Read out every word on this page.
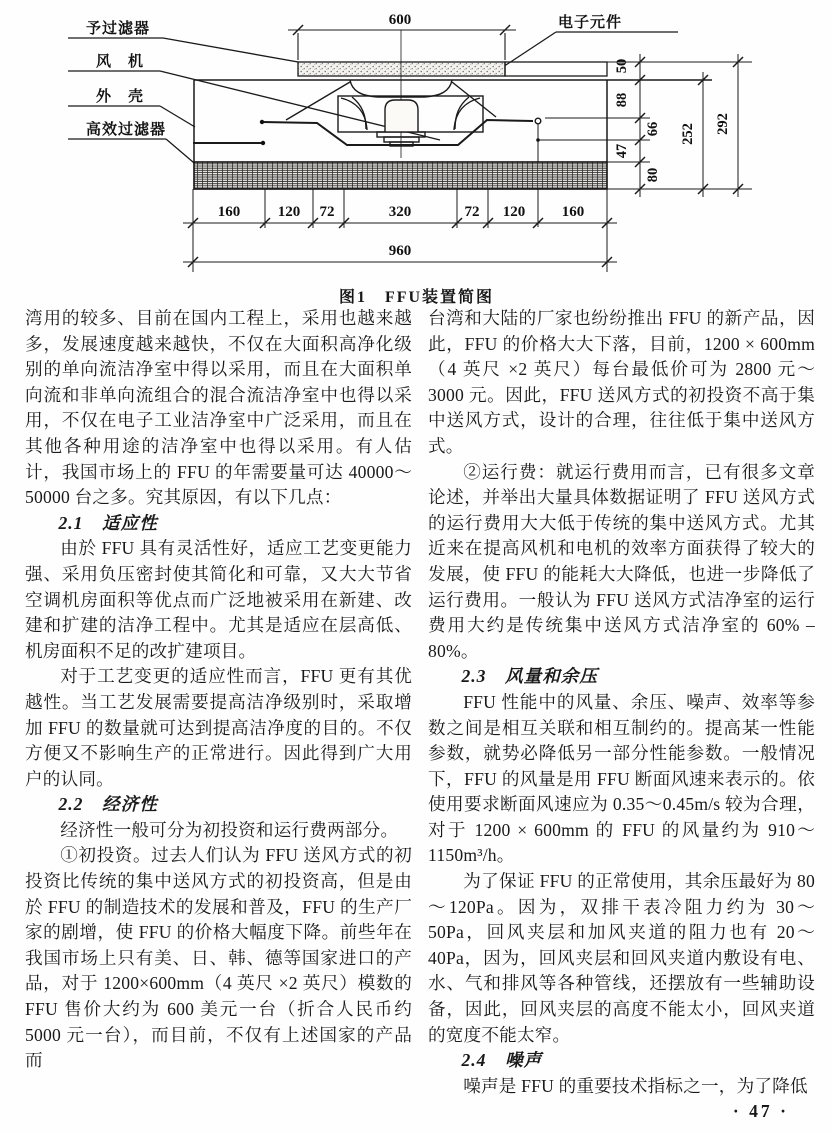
予过滤器
风　机
外　壳
高效过滤器
电子元件
600
50
88
66
47
80
252 292
160	120 72	320	72 120 160
960
图1　FFU装置简图

湾用的较多、目前在国内工程上，采用也越来越多，发展速度越来越快，不仅在大面积高净化级别的单向流洁净室中得以采用，而且在大面积单向流和非单向流组合的混合流洁净室中也得以采用，不仅在电子工业洁净室中广泛采用，而且在其他各种用途的洁净室中也得以采用。有人估计，我国市场上的 FFU 的年需要量可达 40000～50000 台之多。究其原因，有以下几点：

2.1　适应性

由於 FFU 具有灵活性好，适应工艺变更能力强、采用负压密封使其简化和可靠，又大大节省空调机房面积等优点而广泛地被采用在新建、改建和扩建的洁净工程中。尤其是适应在层高低、机房面积不足的改扩建项目。

对于工艺变更的适应性而言，FFU 更有其优越性。当工艺发展需要提高洁净级别时，采取增加 FFU 的数量就可达到提高洁净度的目的。不仅方便又不影响生产的正常进行。因此得到广大用户的认同。

2.2　经济性

经济性一般可分为初投资和运行费两部分。

①初投资。过去人们认为 FFU 送风方式的初投资比传统的集中送风方式的初投资高，但是由於 FFU 的制造技术的发展和普及，FFU 的生产厂家的剧增，使 FFU 的价格大幅度下降。前些年在我国市场上只有美、日、韩、德等国家进口的产品，对于 1200×600mm（4 英尺 ×2 英尺）模数的 FFU 售价大约为 600 美元一台（折合人民币约 5000 元一台），而目前，不仅有上述国家的产品而

台湾和大陆的厂家也纷纷推出 FFU 的新产品，因此，FFU 的价格大大下落，目前，1200 × 600mm（4 英尺 ×2 英尺）每台最低价可为 2800 元～3000 元。因此，FFU 送风方式的初投资不高于集中送风方式，设计的合理，往往低于集中送风方式。

②运行费：就运行费用而言，已有很多文章论述，并举出大量具体数据证明了 FFU 送风方式的运行费用大大低于传统的集中送风方式。尤其近来在提高风机和电机的效率方面获得了较大的发展，使 FFU 的能耗大大降低，也进一步降低了运行费用。一般认为 FFU 送风方式洁净室的运行费用大约是传统集中送风方式洁净室的 60% – 80%。

2.3　风量和余压

FFU 性能中的风量、余压、噪声、效率等参数之间是相互关联和相互制约的。提高某一性能参数，就势必降低另一部分性能参数。一般情况下，FFU 的风量是用 FFU 断面风速来表示的。依使用要求断面风速应为 0.35～0.45m/s 较为合理，对于 1200 × 600mm 的 FFU 的风量约为 910～1150m³/h。

为了保证 FFU 的正常使用，其余压最好为 80～120Pa。因为，双排干表冷阻力约为 30～50Pa，回风夹层和加风夹道的阻力也有 20～40Pa，因为，回风夹层和回风夹道内敷设有电、水、气和排风等各种管线，还摆放有一些辅助设备，因此，回风夹层的高度不能太小，回风夹道的宽度不能太窄。

2.4　噪声

噪声是 FFU 的重要技术指标之一，为了降低

· 47 ·
